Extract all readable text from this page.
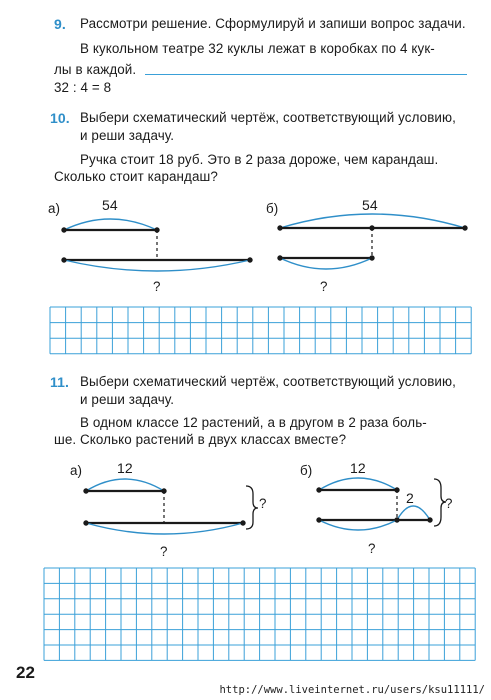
9. Рассмотри решение. Сформулируй и запиши вопрос задачи.
В кукольном театре 32 куклы лежат в коробках по 4 кук-
лы в каждой.
32 : 4 = 8
10. Выбери схематический чертёж, соответствующий условию,
и реши задачу.
Ручка стоит 18 руб. Это в 2 раза дороже, чем карандаш.
Сколько стоит карандаш?
а)	54
?
б)	54
?
11. Выбери схематический чертёж, соответствующий условию,
и реши задачу.
В одном классе 12 растений, а в другом в 2 раза боль-
ше. Сколько растений в двух классах вместе?
а) 12
?
?
б)	12
2 ?
?
22
http://www.liveinternet.ru/users/ksu11111/
